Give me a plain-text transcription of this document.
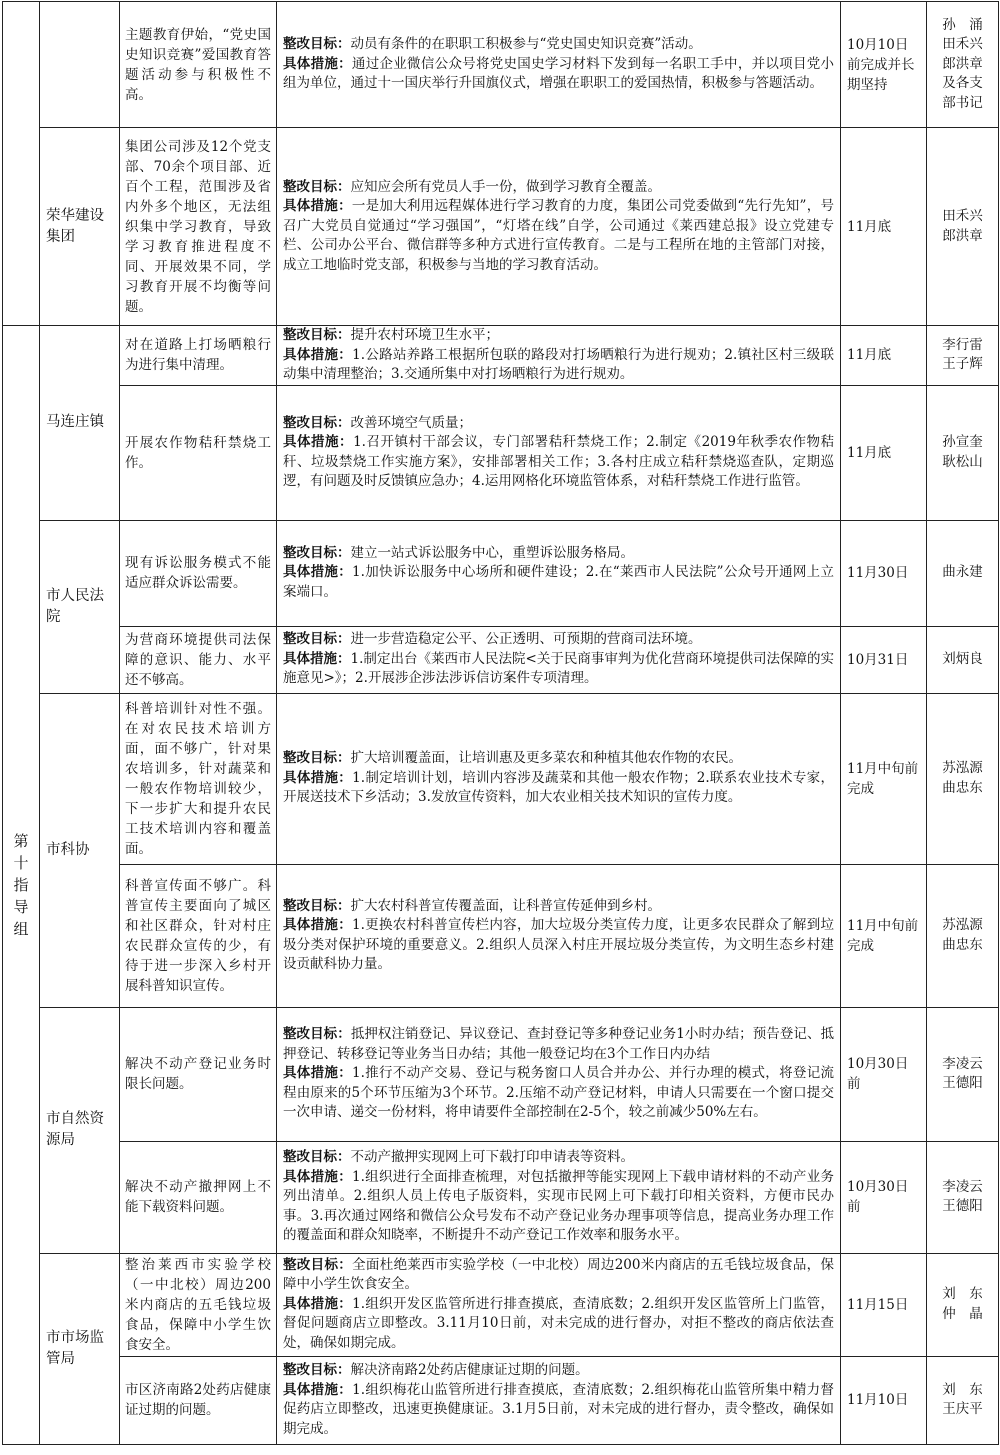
		主题教育伊始，“党史国史知识竞赛”爱国教育答题活动参与积极性不高。	整改目标：动员有条件的在职职工积极参与“党史国史知识竞赛”活动。
具体措施：通过企业微信公众号将党史国史学习材料下发到每一名职工手中，并以项目党小组为单位，通过十一国庆举行升国旗仪式，增强在职职工的爱国热情，积极参与答题活动。	10月10日前完成并长期坚持	孙　涌
田禾兴
郎洪章
及各支
部书记

	荣华建设集团	集团公司涉及12个党支部、70余个项目部、近百个工程，范围涉及省内外多个地区，无法组织集中学习教育，导致学习教育推进程度不同、开展效果不同，学习教育开展不均衡等问题。	整改目标：应知应会所有党员人手一份，做到学习教育全覆盖。
具体措施：一是加大利用远程媒体进行学习教育的力度，集团公司党委做到“先行先知”，号召广大党员自觉通过“学习强国”，“灯塔在线”自学，公司通过《莱西建总报》设立党建专栏、公司办公平台、微信群等多种方式进行宣传教育。二是与工程所在地的主管部门对接，成立工地临时党支部，积极参与当地的学习教育活动。	11月底	田禾兴
郎洪章

第十指导组	马连庄镇	对在道路上打场晒粮行为进行集中清理。	整改目标：提升农村环境卫生水平；
具体措施：1.公路站养路工根据所包联的路段对打场晒粮行为进行规劝；2.镇社区村三级联动集中清理整治；3.交通所集中对打场晒粮行为进行规劝。	11月底	李行雷
王子辉

		开展农作物秸秆禁烧工作。	整改目标：改善环境空气质量；
具体措施：1.召开镇村干部会议，专门部署秸秆禁烧工作；2.制定《2019年秋季农作物秸秆、垃圾禁烧工作实施方案》，安排部署相关工作；3.各村庄成立秸秆禁烧巡查队，定期巡逻，有问题及时反馈镇应急办；4.运用网格化环境监管体系，对秸秆禁烧工作进行监管。	11月底	孙宣奎
耿松山

	市人民法院	现有诉讼服务模式不能适应群众诉讼需要。	整改目标：建立一站式诉讼服务中心，重塑诉讼服务格局。
具体措施：1.加快诉讼服务中心场所和硬件建设；2.在“莱西市人民法院”公众号开通网上立案端口。	11月30日	曲永建

		为营商环境提供司法保障的意识、能力、水平还不够高。	整改目标：进一步营造稳定公平、公正透明、可预期的营商司法环境。
具体措施：1.制定出台《莱西市人民法院<关于民商事审判为优化营商环境提供司法保障的实施意见>》；2.开展涉企涉法涉诉信访案件专项清理。	10月31日	刘炳良

	市科协	科普培训针对性不强。在对农民技术培训方面，面不够广，针对果农培训多，针对蔬菜和一般农作物培训较少，下一步扩大和提升农民工技术培训内容和覆盖面。	整改目标：扩大培训覆盖面，让培训惠及更多菜农和种植其他农作物的农民。
具体措施：1.制定培训计划，培训内容涉及蔬菜和其他一般农作物；2.联系农业技术专家，开展送技术下乡活动；3.发放宣传资料，加大农业相关技术知识的宣传力度。	11月中旬前完成	苏泓源
曲忠东

		科普宣传面不够广。科普宣传主要面向了城区和社区群众，针对村庄农民群众宣传的少，有待于进一步深入乡村开展科普知识宣传。	整改目标：扩大农村科普宣传覆盖面，让科普宣传延伸到乡村。
具体措施：1.更换农村科普宣传栏内容，加大垃圾分类宣传力度，让更多农民群众了解到垃圾分类对保护环境的重要意义。2.组织人员深入村庄开展垃圾分类宣传，为文明生态乡村建设贡献科协力量。	11月中旬前完成	苏泓源
曲忠东

	市自然资源局	解决不动产登记业务时限长问题。	整改目标：抵押权注销登记、异议登记、查封登记等多种登记业务1小时办结；预告登记、抵押登记、转移登记等业务当日办结；其他一般登记均在3个工作日内办结
具体措施：1.推行不动产交易、登记与税务窗口人员合并办公、并行办理的模式，将登记流程由原来的5个环节压缩为3个环节。2.压缩不动产登记材料，申请人只需要在一个窗口提交一次申请、递交一份材料，将申请要件全部控制在2-5个，较之前减少50%左右。	10月30日前	李凌云
王德阳

		解决不动产撤押网上不能下载资料问题。	整改目标：不动产撤押实现网上可下载打印申请表等资料。
具体措施：1.组织进行全面排查梳理，对包括撤押等能实现网上下载申请材料的不动产业务列出清单。2.组织人员上传电子版资料，实现市民网上可下载打印相关资料，方便市民办事。3.再次通过网络和微信公众号发布不动产登记业务办理事项等信息，提高业务办理工作的覆盖面和群众知晓率，不断提升不动产登记工作效率和服务水平。	10月30日前	李凌云
王德阳

	市市场监管局	整治莱西市实验学校（一中北校）周边200米内商店的五毛钱垃圾食品，保障中小学生饮食安全。	整改目标：全面杜绝莱西市实验学校（一中北校）周边200米内商店的五毛钱垃圾食品，保障中小学生饮食安全。
具体措施：1.组织开发区监管所进行排查摸底，查清底数；2.组织开发区监管所上门监管，督促问题商店立即整改。3.11月10日前，对未完成的进行督办，对拒不整改的商店依法查处，确保如期完成。	11月15日	刘　东
仲　晶

		市区济南路2处药店健康证过期的问题。	整改目标：解决济南路2处药店健康证过期的问题。
具体措施：1.组织梅花山监管所进行排查摸底，查清底数；2.组织梅花山监管所集中精力督促药店立即整改，迅速更换健康证。3.1月5日前，对未完成的进行督办，责令整改，确保如期完成。	11月10日	刘　东
王庆平
